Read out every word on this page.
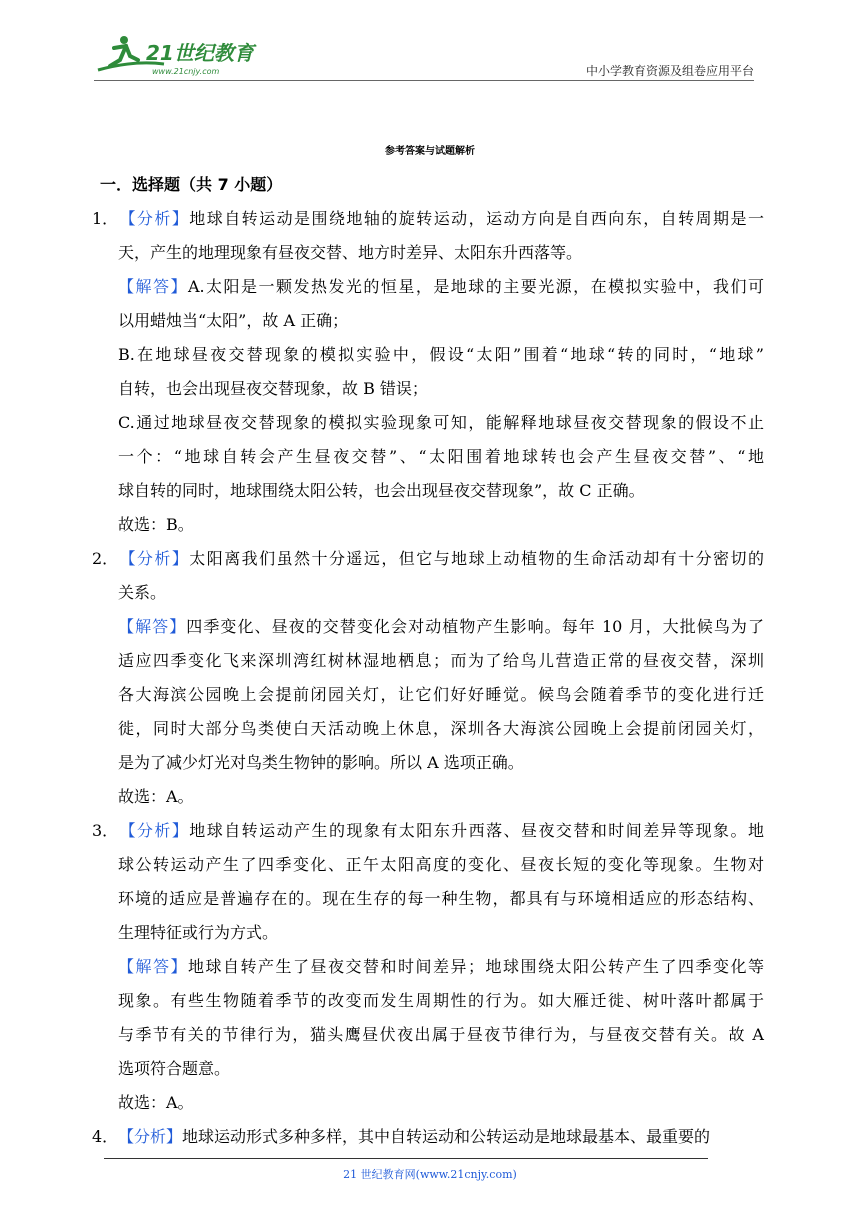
21世纪教育
www.21cnjy.com	中小学教育资源及组卷应用平台
参考答案与试题解析
一．选择题（共 7 小题）
1．【分析】地球自转运动是围绕地轴的旋转运动，运动方向是自西向东，自转周期是一
天，产生的地理现象有昼夜交替、地方时差异、太阳东升西落等。
【解答】A.太阳是一颗发热发光的恒星，是地球的主要光源，在模拟实验中，我们可
以用蜡烛当“太阳”，故 A 正确；
B.在地球昼夜交替现象的模拟实验中，假设“太阳”围着“地球“转的同时，“地球”
自转，也会出现昼夜交替现象，故 B 错误；
C.通过地球昼夜交替现象的模拟实验现象可知，能解释地球昼夜交替现象的假设不止
一个：“地球自转会产生昼夜交替”、“太阳围着地球转也会产生昼夜交替”、“地
球自转的同时，地球围绕太阳公转，也会出现昼夜交替现象”，故 C 正确。
故选：B。
2．【分析】太阳离我们虽然十分遥远，但它与地球上动植物的生命活动却有十分密切的
关系。
【解答】四季变化、昼夜的交替变化会对动植物产生影响。每年 10 月，大批候鸟为了
适应四季变化飞来深圳湾红树林湿地栖息；而为了给鸟儿营造正常的昼夜交替，深圳
各大海滨公园晚上会提前闭园关灯，让它们好好睡觉。候鸟会随着季节的变化进行迁
徙，同时大部分鸟类使白天活动晚上休息，深圳各大海滨公园晚上会提前闭园关灯，
是为了减少灯光对鸟类生物钟的影响。所以 A 选项正确。
故选：A。
3．【分析】地球自转运动产生的现象有太阳东升西落、昼夜交替和时间差异等现象。地
球公转运动产生了四季变化、正午太阳高度的变化、昼夜长短的变化等现象。生物对
环境的适应是普遍存在的。现在生存的每一种生物，都具有与环境相适应的形态结构、
生理特征或行为方式。
【解答】地球自转产生了昼夜交替和时间差异；地球围绕太阳公转产生了四季变化等
现象。有些生物随着季节的改变而发生周期性的行为。如大雁迁徙、树叶落叶都属于
与季节有关的节律行为，猫头鹰昼伏夜出属于昼夜节律行为，与昼夜交替有关。故 A
选项符合题意。
故选：A。
4．【分析】地球运动形式多种多样，其中自转运动和公转运动是地球最基本、最重要的
21 世纪教育网(www.21cnjy.com)
